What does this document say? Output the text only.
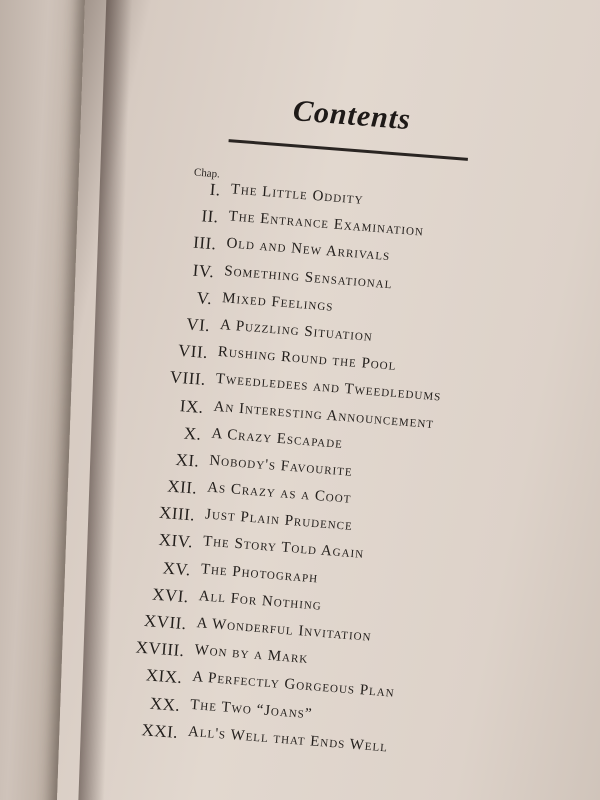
Contents
Chap.
I. The Little Oddity
II. The Entrance Examination
III. Old and New Arrivals
IV. Something Sensational
V. Mixed Feelings
VI. A Puzzling Situation
VII. Rushing Round the Pool
VIII. Tweedledees and Tweedledums
IX. An Interesting Announcement
X. A Crazy Escapade
XI. Nobody's Favourite
XII. As Crazy as a Coot
XIII. Just Plain Prudence
XIV. The Story Told Again
XV. The Photograph
XVI. All For Nothing
XVII. A Wonderful Invitation
XVIII. Won by a Mark
XIX. A Perfectly Gorgeous Plan
XX. The Two “Joans”
XXI. All's Well that Ends Well
